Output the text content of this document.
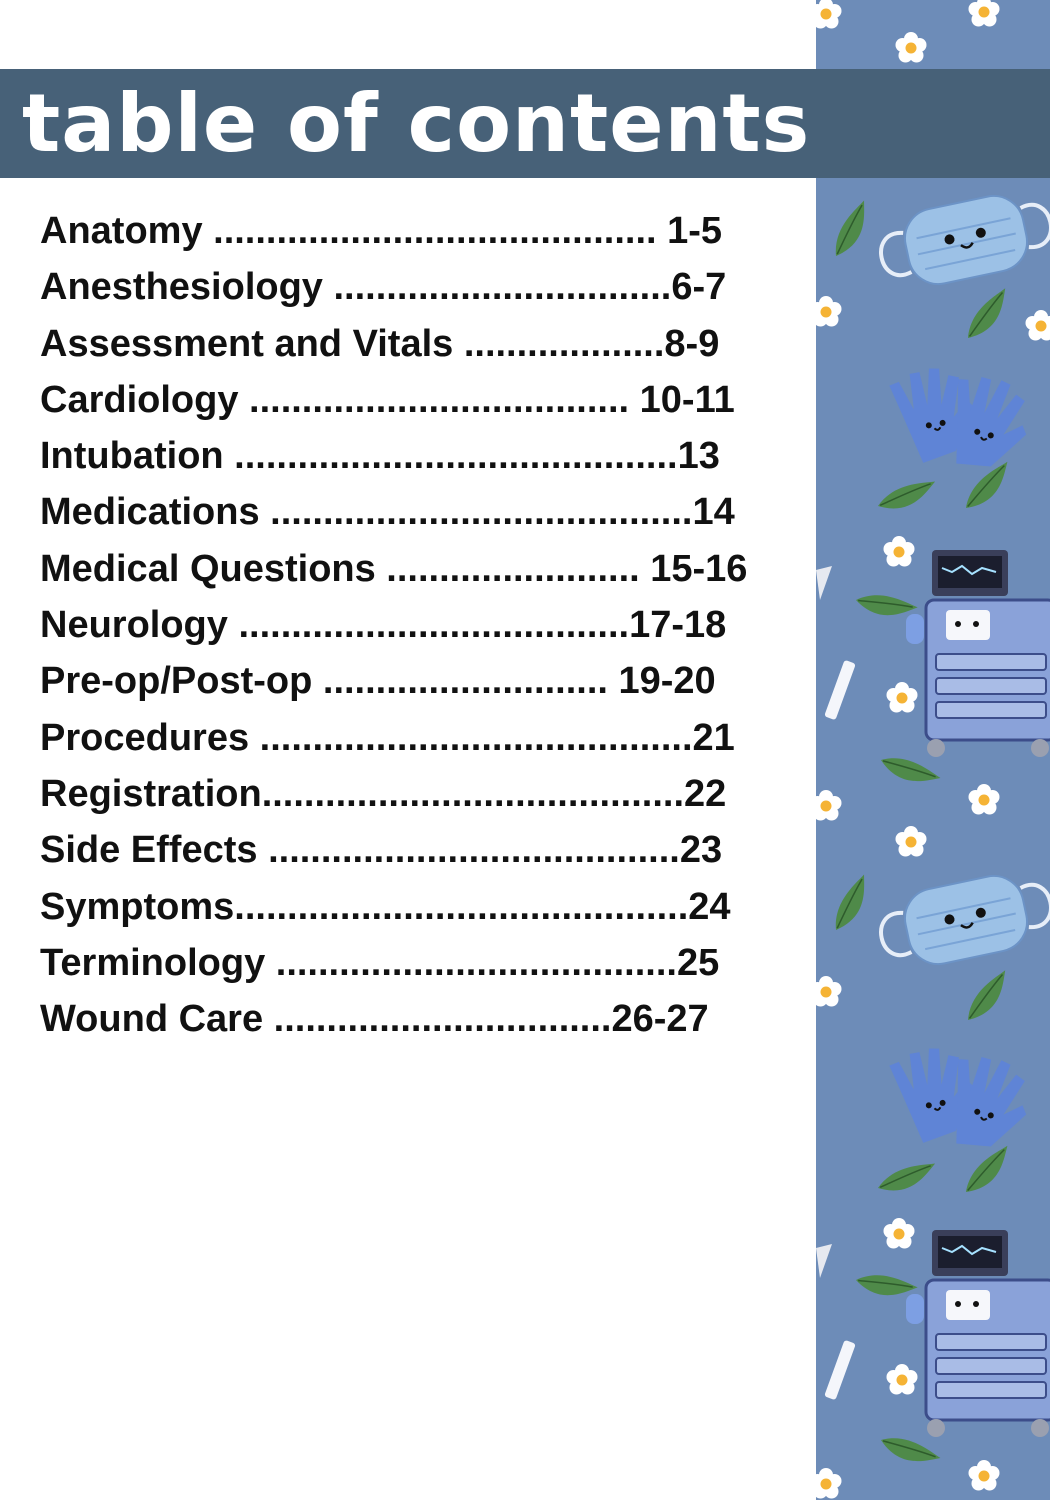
table of contents
Anatomy .......................................... 1-5
Anesthesiology ................................6-7
Assessment and Vitals ...................8-9
Cardiology .................................... 10-11
Intubation ..........................................13
Medications ........................................14
Medical Questions ........................ 15-16
Neurology .....................................17-18
Pre-op/Post-op ........................... 19-20
Procedures .........................................21
Registration........................................22
Side Effects .......................................23
Symptoms...........................................24
Terminology ......................................25
Wound Care ................................26-27
